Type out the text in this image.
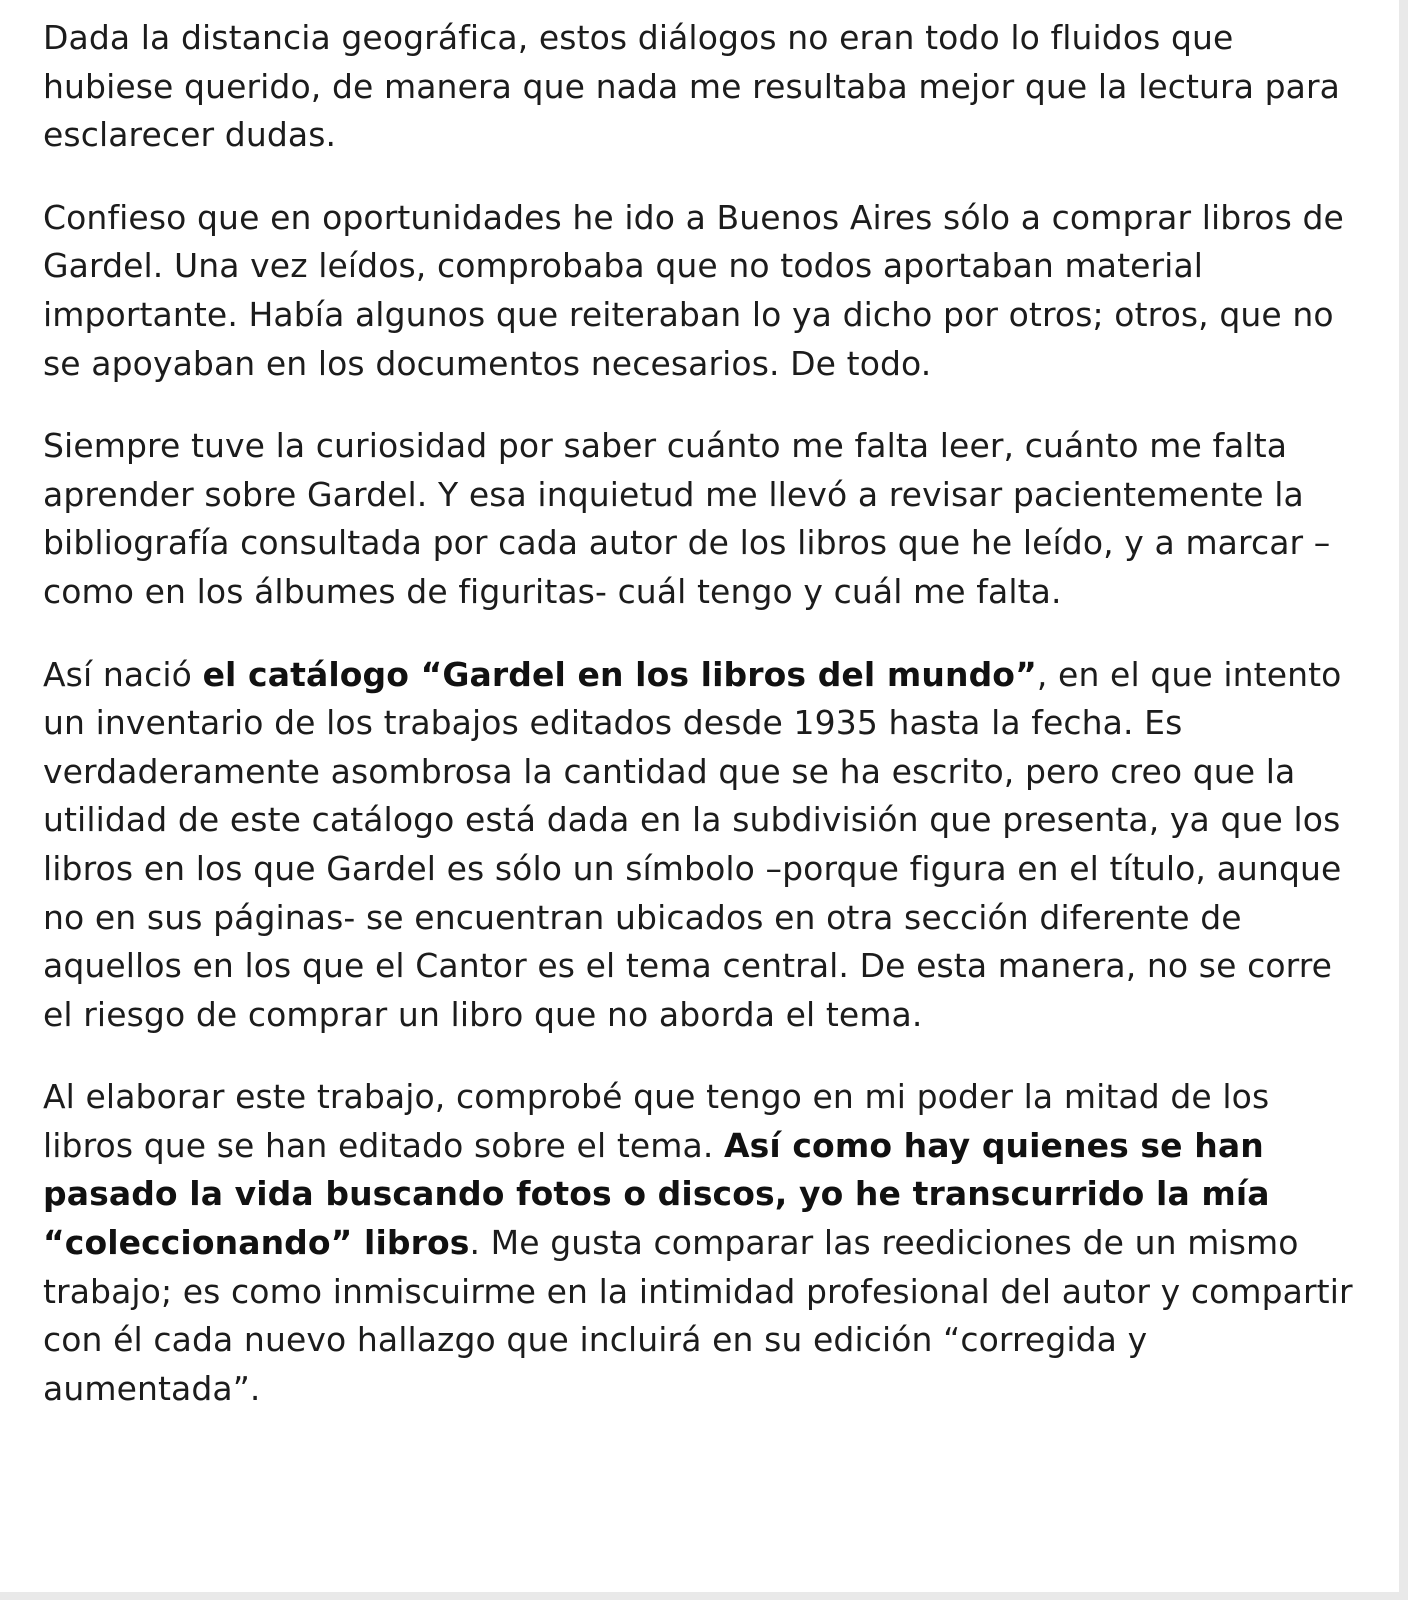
Dada la distancia geográfica, estos diálogos no eran todo lo fluidos que hubiese querido, de manera que nada me resultaba mejor que la lectura para esclarecer dudas.

Confieso que en oportunidades he ido a Buenos Aires sólo a comprar libros de Gardel. Una vez leídos, comprobaba que no todos aportaban material importante. Había algunos que reiteraban lo ya dicho por otros; otros, que no se apoyaban en los documentos necesarios. De todo.

Siempre tuve la curiosidad por saber cuánto me falta leer, cuánto me falta aprender sobre Gardel. Y esa inquietud me llevó a revisar pacientemente la bibliografía consultada por cada autor de los libros que he leído, y a marcar –como en los álbumes de figuritas- cuál tengo y cuál me falta.

Así nació el catálogo “Gardel en los libros del mundo”, en el que intento un inventario de los trabajos editados desde 1935 hasta la fecha. Es verdaderamente asombrosa la cantidad que se ha escrito, pero creo que la utilidad de este catálogo está dada en la subdivisión que presenta, ya que los libros en los que Gardel es sólo un símbolo –porque figura en el título, aunque no en sus páginas- se encuentran ubicados en otra sección diferente de aquellos en los que el Cantor es el tema central. De esta manera, no se corre el riesgo de comprar un libro que no aborda el tema.

Al elaborar este trabajo, comprobé que tengo en mi poder la mitad de los libros que se han editado sobre el tema. Así como hay quienes se han pasado la vida buscando fotos o discos, yo he transcurrido la mía “coleccionando” libros. Me gusta comparar las reediciones de un mismo trabajo; es como inmiscuirme en la intimidad profesional del autor y compartir con él cada nuevo hallazgo que incluirá en su edición “corregida y aumentada”.
